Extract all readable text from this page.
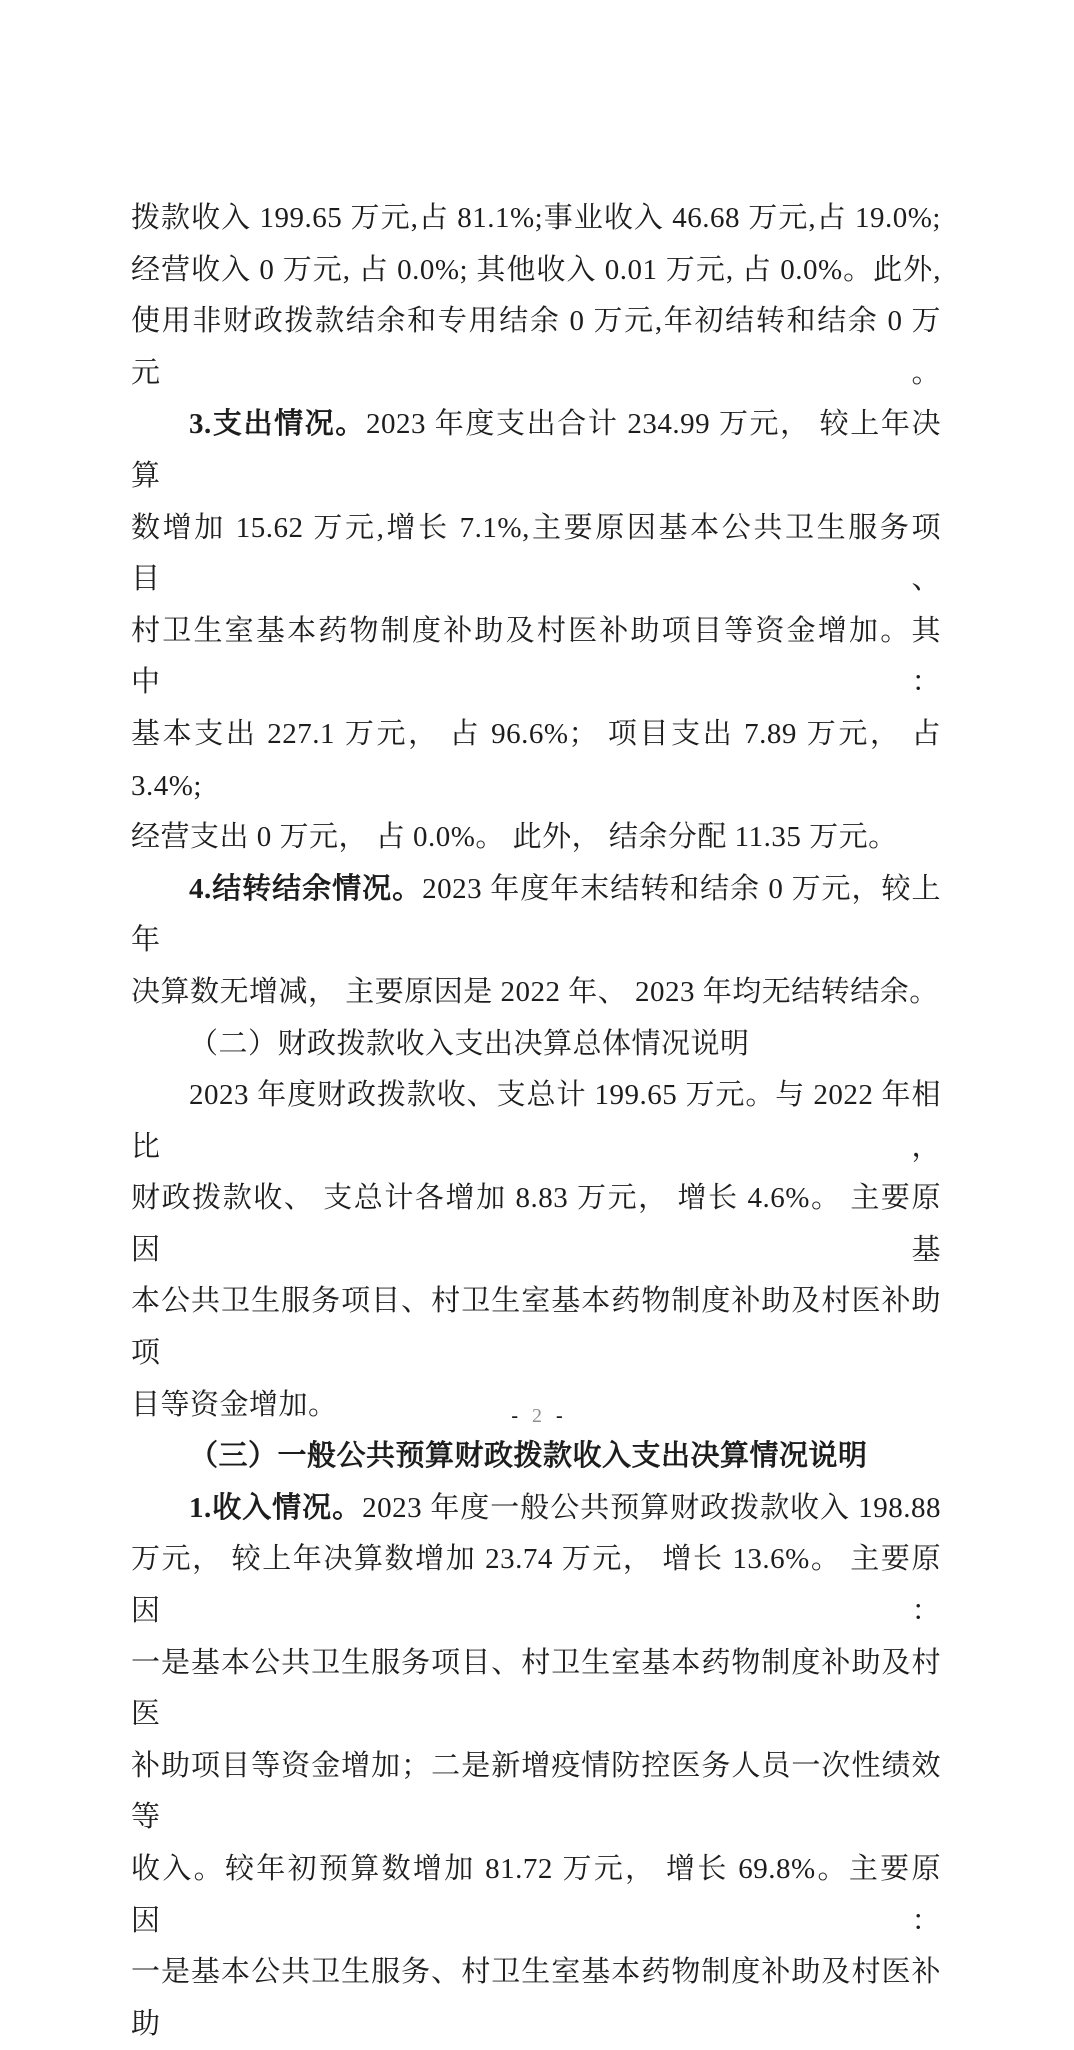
拨款收入 199.65 万元,占 81.1%;事业收入 46.68 万元,占 19.0%;
经营收入 0 万元, 占 0.0%; 其他收入 0.01 万元, 占 0.0%。此外,
使用非财政拨款结余和专用结余 0 万元,年初结转和结余 0 万元。
3.支出情况。2023 年度支出合计 234.99 万元， 较上年决算
数增加 15.62 万元,增长 7.1%,主要原因基本公共卫生服务项目、
村卫生室基本药物制度补助及村医补助项目等资金增加。其中：
基本支出 227.1 万元， 占 96.6%； 项目支出 7.89 万元， 占 3.4%;
经营支出 0 万元， 占 0.0%。 此外， 结余分配 11.35 万元。
4.结转结余情况。2023 年度年末结转和结余 0 万元，较上年
决算数无增减， 主要原因是 2022 年、 2023 年均无结转结余。
（二）财政拨款收入支出决算总体情况说明
2023 年度财政拨款收、支总计 199.65 万元。与 2022 年相比，
财政拨款收、 支总计各增加 8.83 万元， 增长 4.6%。 主要原因基
本公共卫生服务项目、村卫生室基本药物制度补助及村医补助项
目等资金增加。
（三）一般公共预算财政拨款收入支出决算情况说明
1.收入情况。2023 年度一般公共预算财政拨款收入 198.88
万元， 较上年决算数增加 23.74 万元， 增长 13.6%。 主要原因：
一是基本公共卫生服务项目、村卫生室基本药物制度补助及村医
补助项目等资金增加；二是新增疫情防控医务人员一次性绩效等
收入。较年初预算数增加 81.72 万元， 增长 69.8%。主要原因：
一是基本公共卫生服务、村卫生室基本药物制度补助及村医补助
- 2 -
